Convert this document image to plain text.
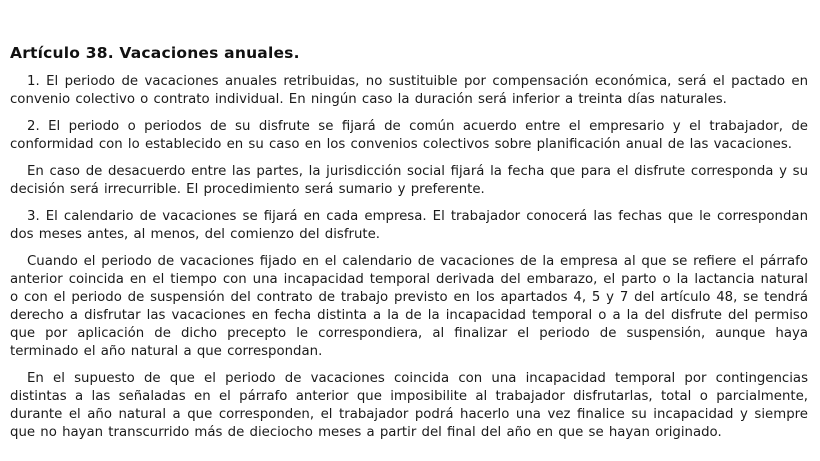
Artículo 38. Vacaciones anuales.

1. El periodo de vacaciones anuales retribuidas, no sustituible por compensación económica, será el pactado en convenio colectivo o contrato individual. En ningún caso la duración será inferior a treinta días naturales.

2. El periodo o periodos de su disfrute se fijará de común acuerdo entre el empresario y el trabajador, de conformidad con lo establecido en su caso en los convenios colectivos sobre planificación anual de las vacaciones.

En caso de desacuerdo entre las partes, la jurisdicción social fijará la fecha que para el disfrute corresponda y su decisión será irrecurrible. El procedimiento será sumario y preferente.

3. El calendario de vacaciones se fijará en cada empresa. El trabajador conocerá las fechas que le correspondan dos meses antes, al menos, del comienzo del disfrute.

Cuando el periodo de vacaciones fijado en el calendario de vacaciones de la empresa al que se refiere el párrafo anterior coincida en el tiempo con una incapacidad temporal derivada del embarazo, el parto o la lactancia natural o con el periodo de suspensión del contrato de trabajo previsto en los apartados 4, 5 y 7 del artículo 48, se tendrá derecho a disfrutar las vacaciones en fecha distinta a la de la incapacidad temporal o a la del disfrute del permiso que por aplicación de dicho precepto le correspondiera, al finalizar el periodo de suspensión, aunque haya terminado el año natural a que correspondan.

En el supuesto de que el periodo de vacaciones coincida con una incapacidad temporal por contingencias distintas a las señaladas en el párrafo anterior que imposibilite al trabajador disfrutarlas, total o parcialmente, durante el año natural a que corresponden, el trabajador podrá hacerlo una vez finalice su incapacidad y siempre que no hayan transcurrido más de dieciocho meses a partir del final del año en que se hayan originado.
